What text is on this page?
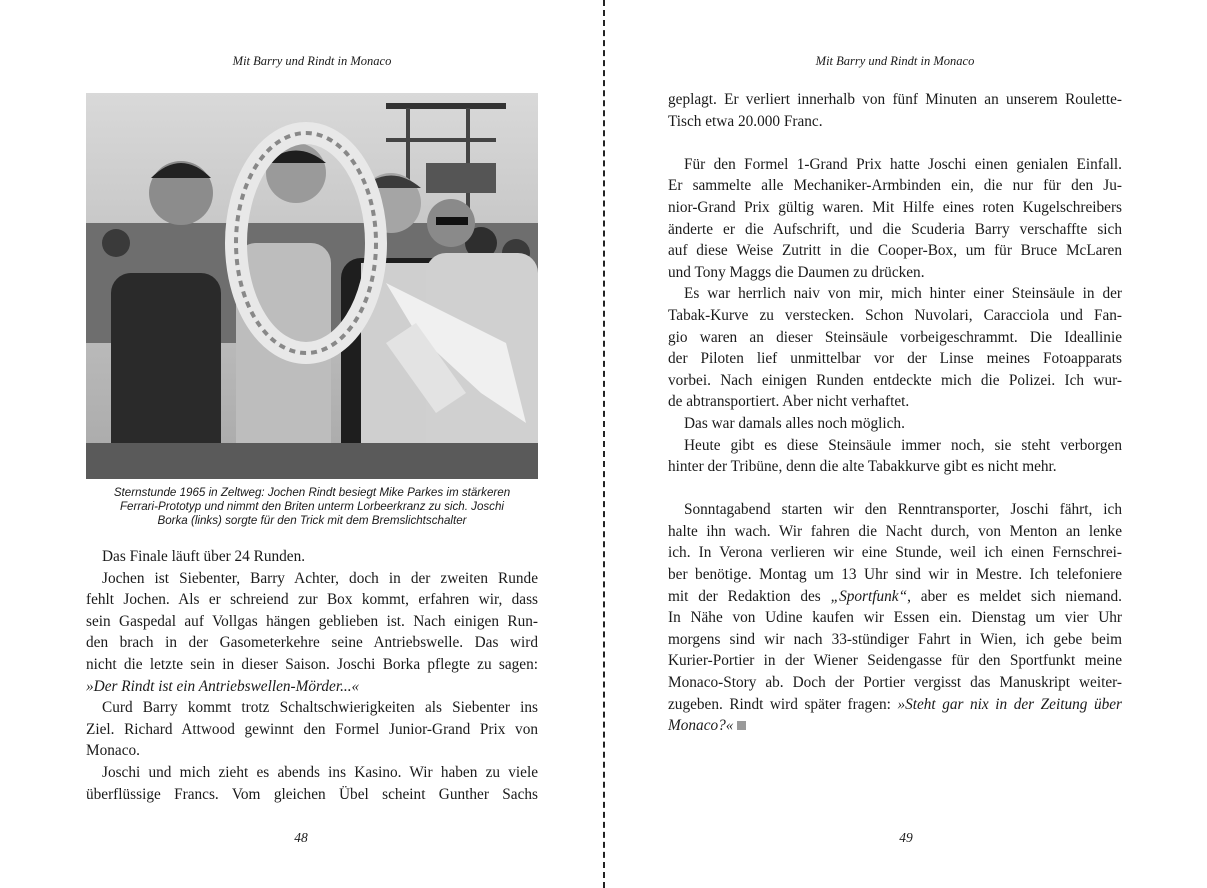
Mit Barry und Rindt in Monaco
Sternstunde 1965 in Zeltweg: Jochen Rindt besiegt Mike Parkes im stärkeren
Ferrari-Prototyp und nimmt den Briten unterm Lorbeerkranz zu sich. Joschi
Borka (links) sorgte für den Trick mit dem Bremslichtschalter
Das Finale läuft über 24 Runden.
Jochen ist Siebenter, Barry Achter, doch in der zweiten Runde
fehlt Jochen. Als er schreiend zur Box kommt, erfahren wir, dass
sein Gaspedal auf Vollgas hängen geblieben ist. Nach einigen Run-
den brach in der Gasometerkehre seine Antriebswelle. Das wird
nicht die letzte sein in dieser Saison. Joschi Borka pflegte zu sagen:
»Der Rindt ist ein Antriebswellen-Mörder...«
Curd Barry kommt trotz Schaltschwierigkeiten als Siebenter ins
Ziel. Richard Attwood gewinnt den Formel Junior-Grand Prix von
Monaco.
Joschi und mich zieht es abends ins Kasino. Wir haben zu viele
überflüssige Francs. Vom gleichen Übel scheint Gunther Sachs
48
Mit Barry und Rindt in Monaco
geplagt. Er verliert innerhalb von fünf Minuten an unserem Roulette-
Tisch etwa 20.000 Franc.
Für den Formel 1-Grand Prix hatte Joschi einen genialen Einfall.
Er sammelte alle Mechaniker-Armbinden ein, die nur für den Ju-
nior-Grand Prix gültig waren. Mit Hilfe eines roten Kugelschreibers
änderte er die Aufschrift, und die Scuderia Barry verschaffte sich
auf diese Weise Zutritt in die Cooper-Box, um für Bruce McLaren
und Tony Maggs die Daumen zu drücken.
Es war herrlich naiv von mir, mich hinter einer Steinsäule in der
Tabak-Kurve zu verstecken. Schon Nuvolari, Caracciola und Fan-
gio waren an dieser Steinsäule vorbeigeschrammt. Die Ideallinie
der Piloten lief unmittelbar vor der Linse meines Fotoapparats
vorbei. Nach einigen Runden entdeckte mich die Polizei. Ich wur-
de abtransportiert. Aber nicht verhaftet.
Das war damals alles noch möglich.
Heute gibt es diese Steinsäule immer noch, sie steht verborgen
hinter der Tribüne, denn die alte Tabakkurve gibt es nicht mehr.
Sonntagabend starten wir den Renntransporter, Joschi fährt, ich
halte ihn wach. Wir fahren die Nacht durch, von Menton an lenke
ich. In Verona verlieren wir eine Stunde, weil ich einen Fernschrei-
ber benötige. Montag um 13 Uhr sind wir in Mestre. Ich telefoniere
mit der Redaktion des „Sportfunk“, aber es meldet sich niemand.
In Nähe von Udine kaufen wir Essen ein. Dienstag um vier Uhr
morgens sind wir nach 33-stündiger Fahrt in Wien, ich gebe beim
Kurier-Portier in der Wiener Seidengasse für den Sportfunkt meine
Monaco-Story ab. Doch der Portier vergisst das Manuskript weiter-
zugeben. Rindt wird später fragen: »Steht gar nix in der Zeitung über
Monaco?«
49
